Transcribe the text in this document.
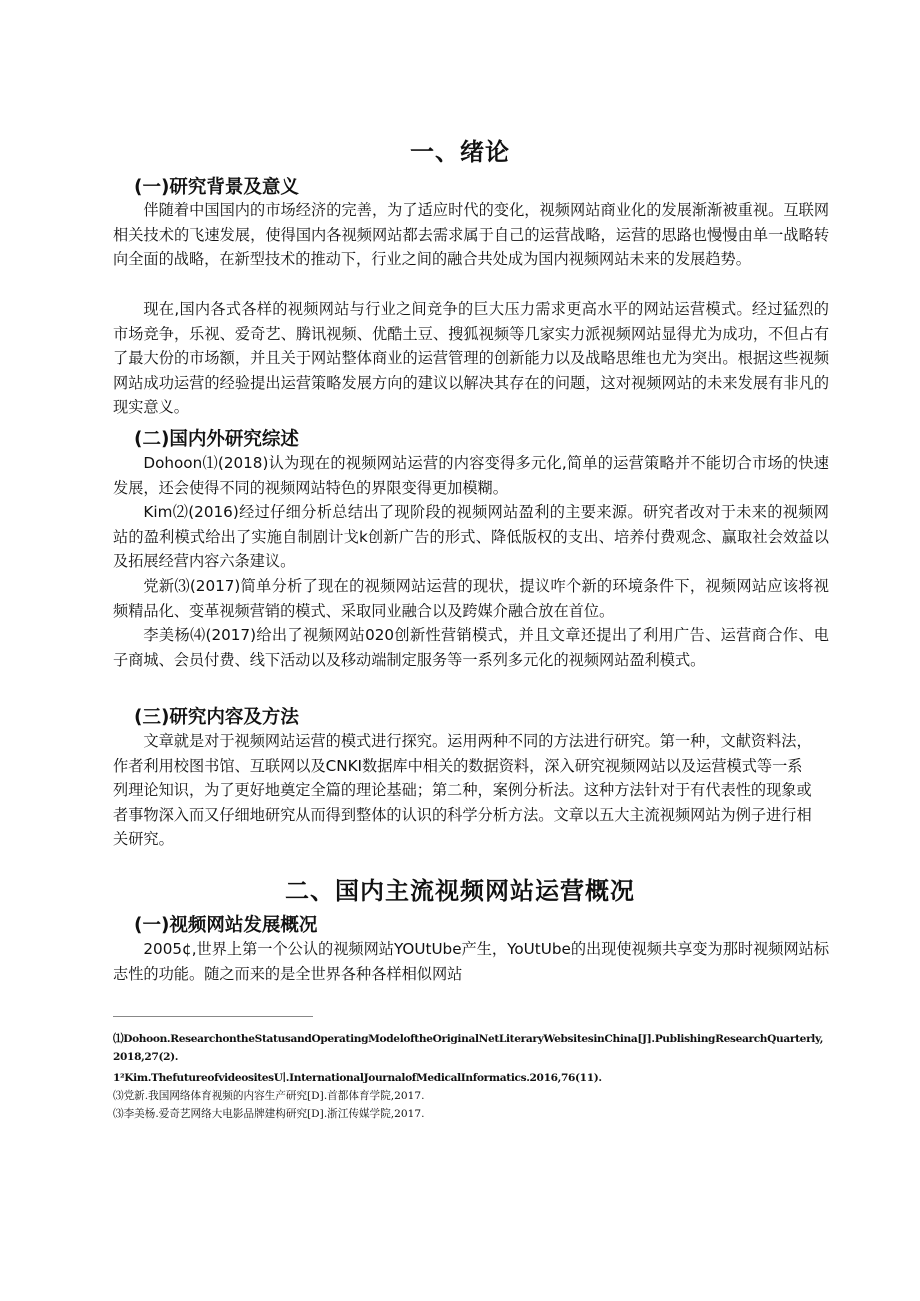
一、绪论
(一)研究背景及意义
伴随着中国国内的市场经济的完善，为了适应时代的变化，视频网站商业化的发展渐渐被重视。互联网相关技术的飞速发展，使得国内各视频网站都去需求属于自己的运营战略，运营的思路也慢慢由单一战略转向全面的战略，在新型技术的推动下，行业之间的融合共处成为国内视频网站未来的发展趋势。
现在,国内各式各样的视频网站与行业之间竞争的巨大压力需求更高水平的网站运营模式。经过猛烈的市场竞争，乐视、爱奇艺、腾讯视频、优酷土豆、搜狐视频等几家实力派视频网站显得尤为成功，不但占有了最大份的市场额，并且关于网站整体商业的运营管理的创新能力以及战略思维也尤为突出。根据这些视频网站成功运营的经验提出运营策略发展方向的建议以解决其存在的问题，这对视频网站的未来发展有非凡的现实意义。
(二)国内外研究综述
Dohoon⑴(2018)认为现在的视频网站运营的内容变得多元化,简单的运营策略并不能切合市场的快速发展，还会使得不同的视频网站特色的界限变得更加模糊。
Kim⑵(2016)经过仔细分析总结出了现阶段的视频网站盈利的主要来源。研究者改对于未来的视频网站的盈利模式给出了实施自制剧计戈k创新广告的形式、降低版权的支出、培养付费观念、赢取社会效益以及拓展经营内容六条建议。
党新⑶(2017)简单分析了现在的视频网站运营的现状，提议咋个新的环境条件下，视频网站应该将视频精品化、变革视频营销的模式、采取同业融合以及跨媒介融合放在首位。
李美杨⑷(2017)给出了视频网站020创新性营销模式，并且文章还提出了利用广告、运营商合作、电子商城、会员付费、线下活动以及移动端制定服务等一系列多元化的视频网站盈利模式。
(三)研究内容及方法
文章就是对于视频网站运营的模式进行探究。运用两种不同的方法进行研究。第一种，文献资料法，作者利用校图书馆、互联网以及CNKI数据库中相关的数据资料，深入研究视频网站以及运营模式等一系列理论知识，为了更好地奠定全篇的理论基础；第二种，案例分析法。这种方法针对于有代表性的现象或者事物深入而又仔细地研究从而得到整体的认识的科学分析方法。文章以五大主流视频网站为例子进行相关研究。
二、国内主流视频网站运营概况
(一)视频网站发展概况
2005¢,世界上第一个公认的视频网站YOUtUbe产生，YoUtUbe的出现使视频共享变为那时视频网站标志性的功能。随之而来的是全世界各种各样相似网站
⑴Dohoon.ResearchontheStatusandOperatingModeloftheOriginalNetLiteraryWebsitesinChina[J].PublishingResearchQuarterly,2018,27(2).
1²Kim.ThefutureofvideositesU∣.InternationalJournalofMedicalInformatics.2016,76(11).
⑶党新.我国网络体育视频的内容生产研究[D].首都体育学院,2017.
⑶李美杨.爱奇艺网络大电影品牌建构研究[D].浙江传媒学院,2017.
